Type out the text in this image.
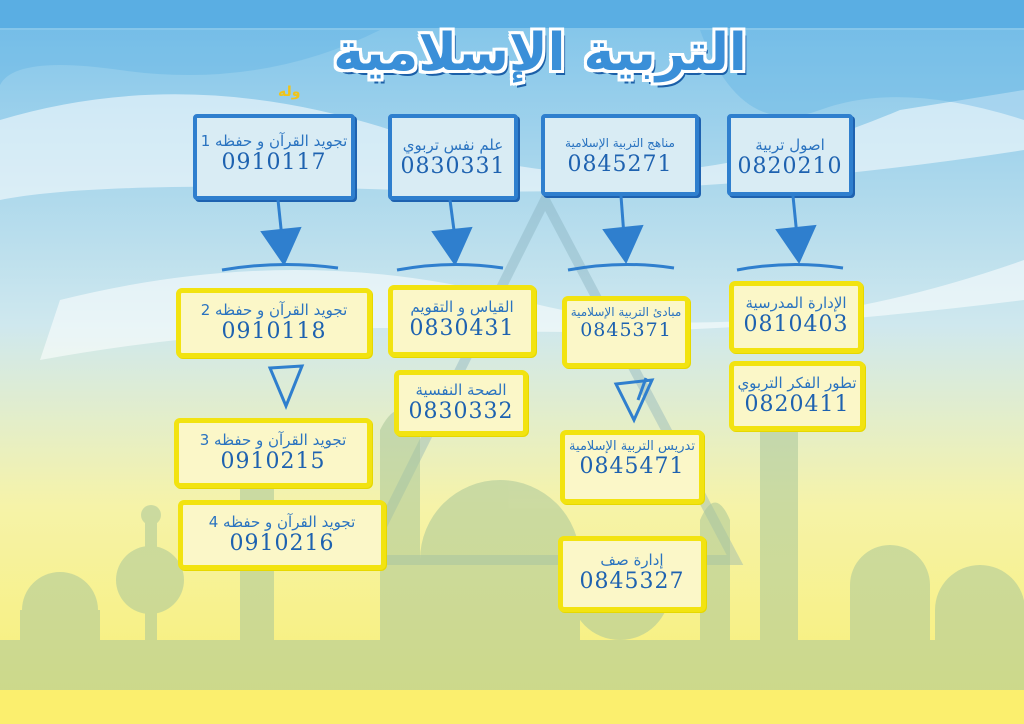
التربية الإسلامية
وله
تجويد القرآن و حفظه 1
0910117
علم نفس تربوي
0830331
مناهج التربية الإسلامية
0845271
اصول تربية
0820210
تجويد القرآن و حفظه 2
0910118
القياس و التقويم
0830431
مبادئ التربية الإسلامية
0845371
الإدارة المدرسية
0810403
الصحة النفسية
0830332
تطور الفكر التربوي
0820411
تجويد القرآن و حفظه 3
0910215
تدريس التربية الإسلامية
0845471
تجويد القرآن و حفظه 4
0910216
إدارة صف
0845327
